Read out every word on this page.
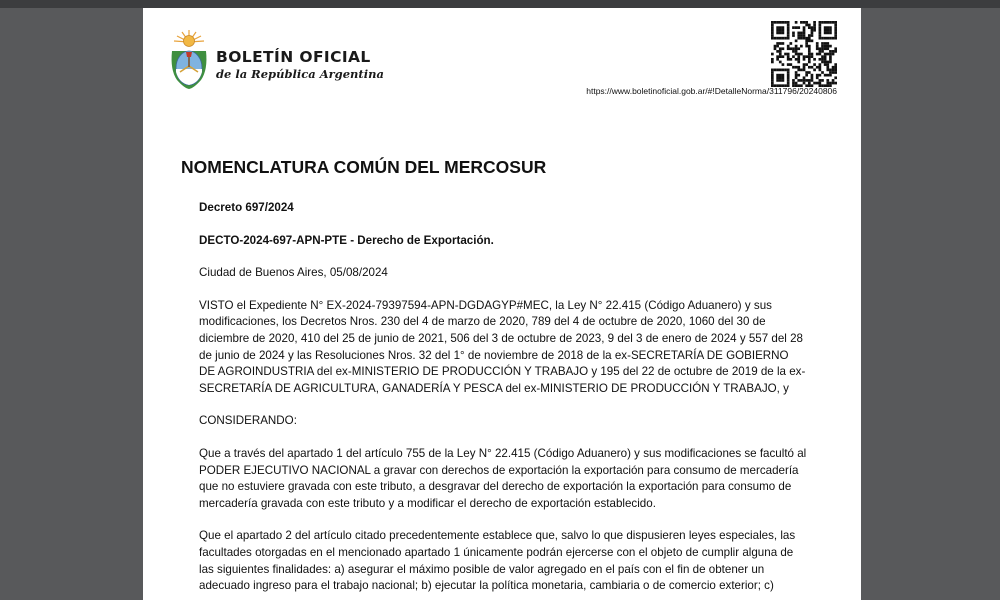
BOLETÍN OFICIAL
de la República Argentina
https://www.boletinoficial.gob.ar/#!DetalleNorma/311796/20240806
NOMENCLATURA COMÚN DEL MERCOSUR

Decreto 697/2024

DECTO-2024-697-APN-PTE - Derecho de Exportación.

Ciudad de Buenos Aires, 05/08/2024

VISTO el Expediente N° EX-2024-79397594-APN-DGDAGYP#MEC, la Ley N° 22.415 (Código Aduanero) y sus modificaciones, los Decretos Nros. 230 del 4 de marzo de 2020, 789 del 4 de octubre de 2020, 1060 del 30 de diciembre de 2020, 410 del 25 de junio de 2021, 506 del 3 de octubre de 2023, 9 del 3 de enero de 2024 y 557 del 28 de junio de 2024 y las Resoluciones Nros. 32 del 1° de noviembre de 2018 de la ex-SECRETARÍA DE GOBIERNO DE AGROINDUSTRIA del ex-MINISTERIO DE PRODUCCIÓN Y TRABAJO y 195 del 22 de octubre de 2019 de la ex-SECRETARÍA DE AGRICULTURA, GANADERÍA Y PESCA del ex-MINISTERIO DE PRODUCCIÓN Y TRABAJO, y

CONSIDERANDO:

Que a través del apartado 1 del artículo 755 de la Ley N° 22.415 (Código Aduanero) y sus modificaciones se facultó al PODER EJECUTIVO NACIONAL a gravar con derechos de exportación la exportación para consumo de mercadería que no estuviere gravada con este tributo, a desgravar del derecho de exportación la exportación para consumo de mercadería gravada con este tributo y a modificar el derecho de exportación establecido.

Que el apartado 2 del artículo citado precedentemente establece que, salvo lo que dispusieren leyes especiales, las facultades otorgadas en el mencionado apartado 1 únicamente podrán ejercerse con el objeto de cumplir alguna de las siguientes finalidades: a) asegurar el máximo posible de valor agregado en el país con el fin de obtener un adecuado ingreso para el trabajo nacional; b) ejecutar la política monetaria, cambiaria o de comercio exterior; c)
